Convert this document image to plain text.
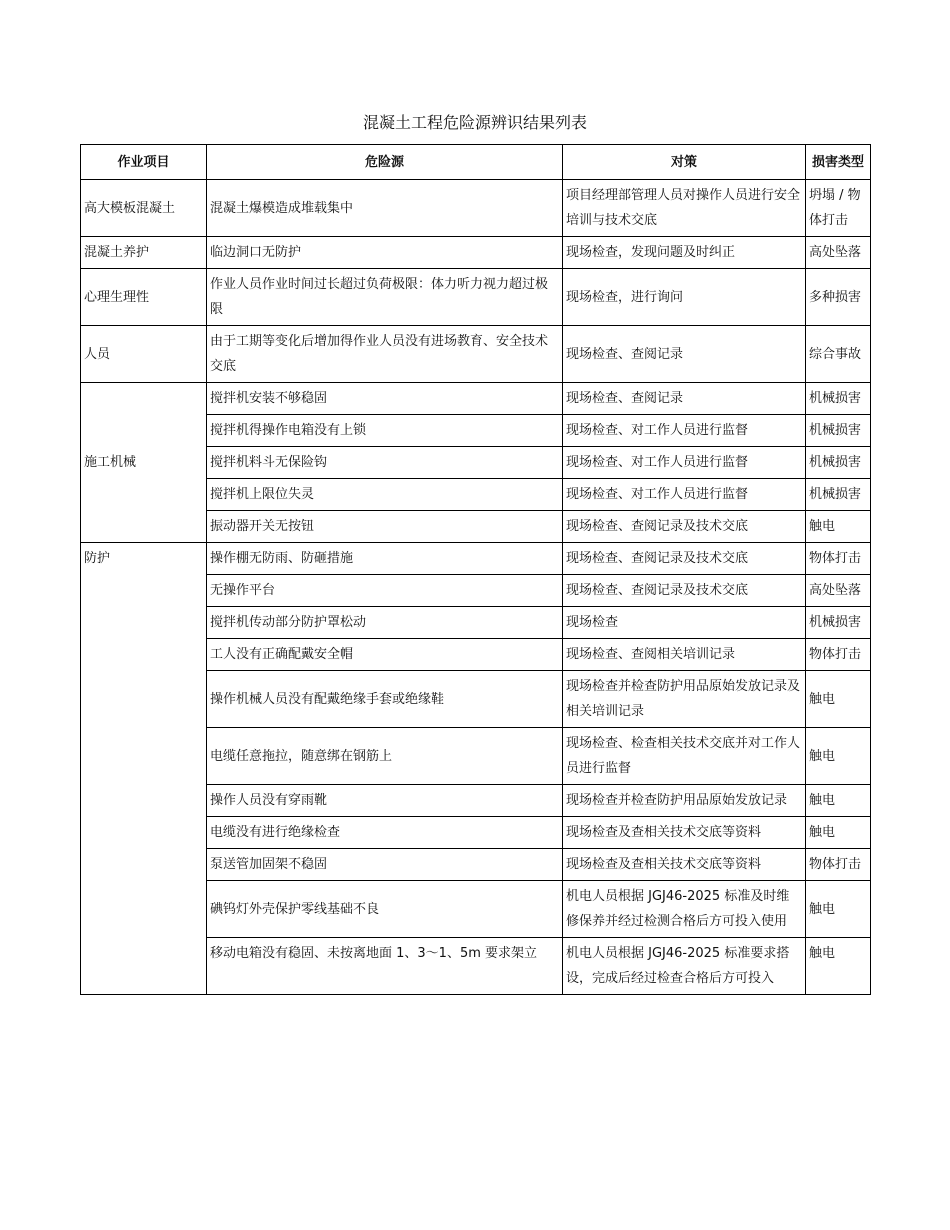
混凝土工程危险源辨识结果列表
作业项目	危险源	对策	损害类型
高大模板混凝土	混凝土爆模造成堆载集中	项目经理部管理人员对操作人员进行安全培训与技术交底	坍塌 / 物体打击
混凝土养护	临边洞口无防护	现场检查，发现问题及时纠正	高处坠落
心理生理性	作业人员作业时间过长超过负荷极限：体力听力视力超过极限	现场检查，进行询问	多种损害
人员	由于工期等变化后增加得作业人员没有进场教育、安全技术交底	现场检查、查阅记录	综合事故
施工机械	搅拌机安装不够稳固	现场检查、查阅记录	机械损害
	搅拌机得操作电箱没有上锁	现场检查、对工作人员进行监督	机械损害
	搅拌机料斗无保险钩	现场检查、对工作人员进行监督	机械损害
	搅拌机上限位失灵	现场检查、对工作人员进行监督	机械损害
	振动器开关无按钮	现场检查、查阅记录及技术交底	触电
防护	操作棚无防雨、防砸措施	现场检查、查阅记录及技术交底	物体打击
	无操作平台	现场检查、查阅记录及技术交底	高处坠落
	搅拌机传动部分防护罩松动	现场检查	机械损害
	工人没有正确配戴安全帽	现场检查、查阅相关培训记录	物体打击
	操作机械人员没有配戴绝缘手套或绝缘鞋	现场检查并检查防护用品原始发放记录及相关培训记录	触电
	电缆任意拖拉，随意绑在钢筋上	现场检查、检查相关技术交底并对工作人员进行监督	触电
	操作人员没有穿雨靴	现场检查并检查防护用品原始发放记录	触电
	电缆没有进行绝缘检查	现场检查及查相关技术交底等资料	触电
	泵送管加固架不稳固	现场检查及查相关技术交底等资料	物体打击
	碘钨灯外壳保护零线基础不良	机电人员根据 JGJ46-2025 标准及时维修保养并经过检测合格后方可投入使用	触电
	移动电箱没有稳固、未按离地面 1、3～1、5m 要求架立	机电人员根据 JGJ46-2025 标准要求搭设，完成后经过检查合格后方可投入	触电
